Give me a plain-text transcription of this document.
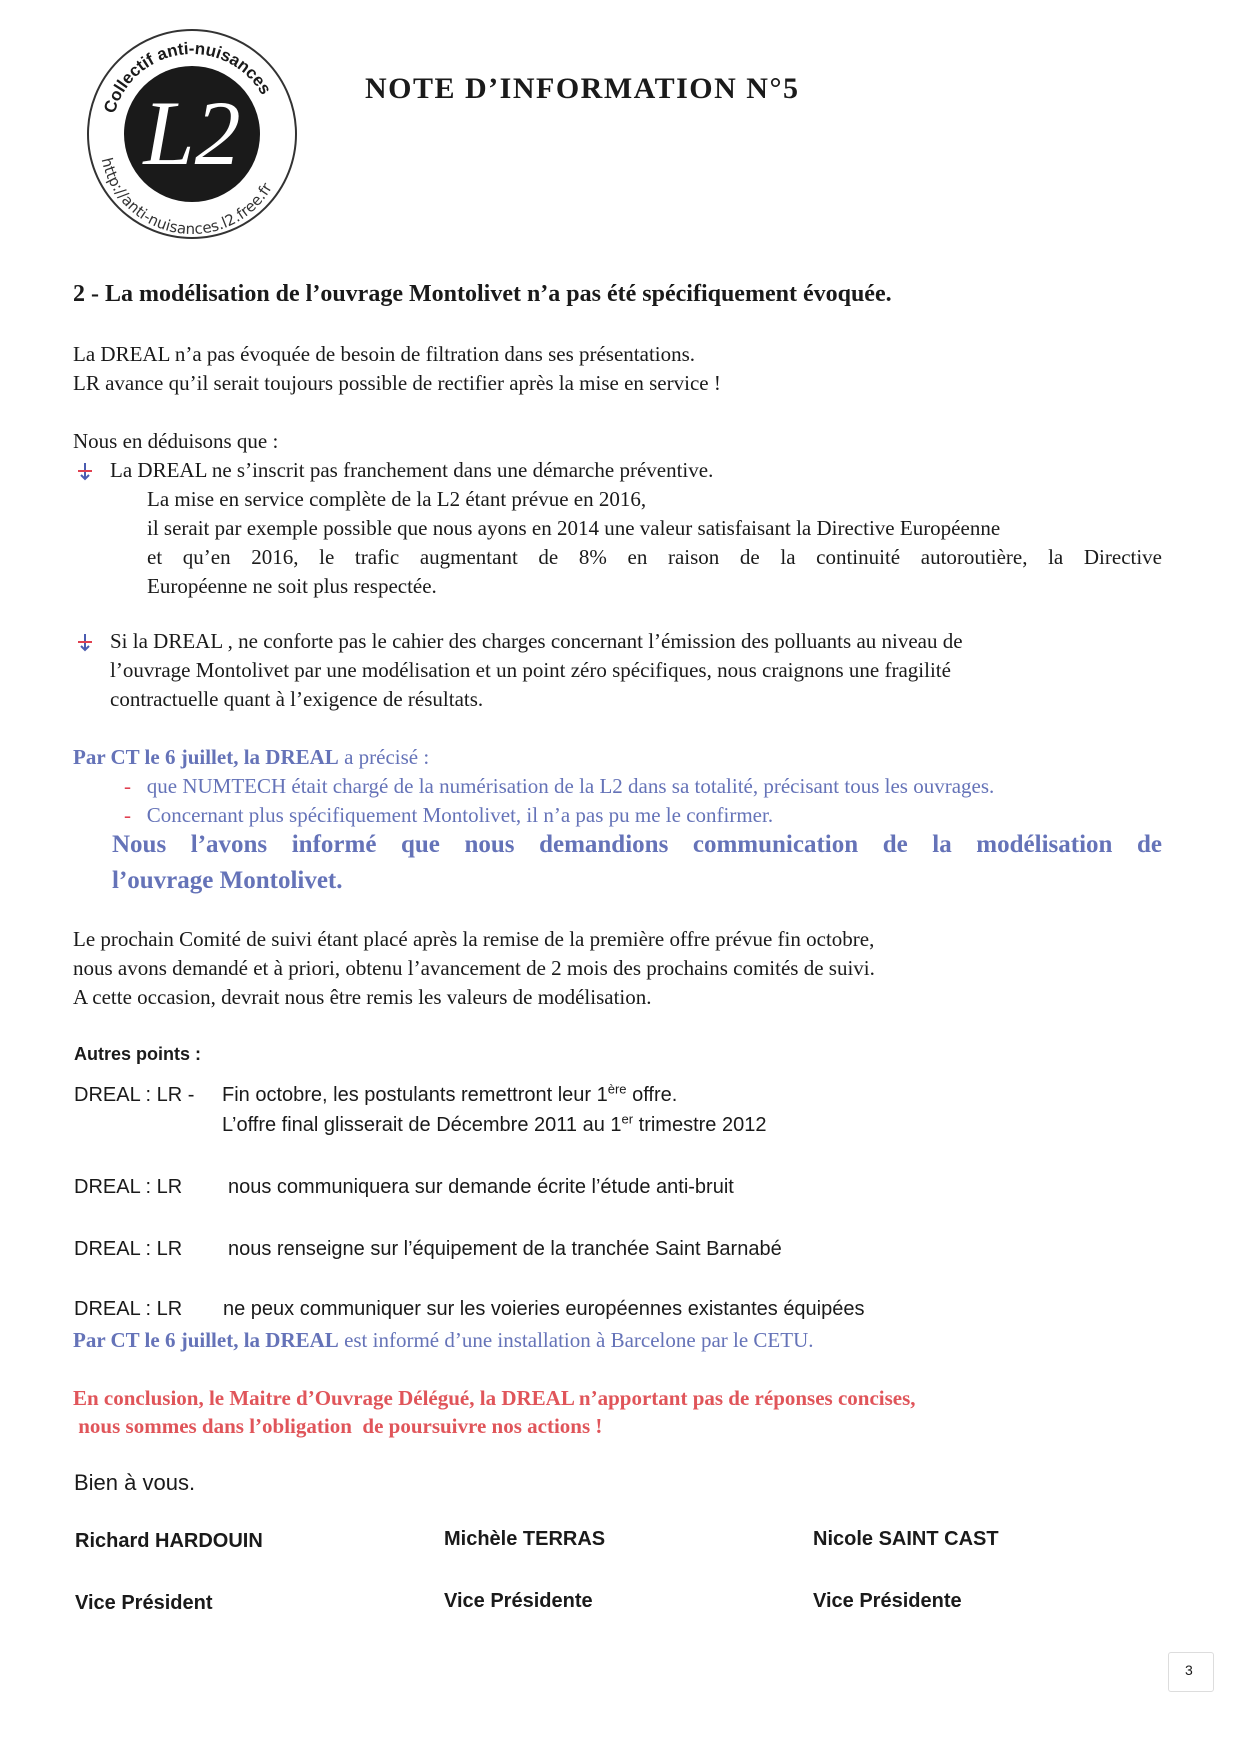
Collectif anti-nuisances
http://anti-nuisances.l2.free.fr
L2	NOTE D’INFORMATION N°5
2 - La modélisation de l’ouvrage Montolivet n’a pas été spécifiquement évoquée.
La DREAL n’a pas évoquée de besoin de filtration dans ses présentations.
LR avance qu’il serait toujours possible de rectifier après la mise en service !
Nous en déduisons que :
La DREAL ne s’inscrit pas franchement dans une démarche préventive.
La mise en service complète de la L2 étant prévue en 2016,
il serait par exemple possible que nous ayons en 2014 une valeur satisfaisant la Directive Européenne
et qu’en 2016, le trafic augmentant de 8% en raison de la continuité autoroutière, la Directive
Européenne ne soit plus respectée.
Si la DREAL , ne conforte pas le cahier des charges concernant l’émission des polluants au niveau de
l’ouvrage Montolivet par une modélisation et un point zéro spécifiques, nous craignons une fragilité
contractuelle quant à l’exigence de résultats.
Par CT le 6 juillet, la DREAL a précisé :
- que NUMTECH était chargé de la numérisation de la L2 dans sa totalité, précisant tous les ouvrages.
- Concernant plus spécifiquement Montolivet, il n’a pas pu me le confirmer.
Nous l’avons informé que nous demandions communication de la modélisation de
l’ouvrage Montolivet.
Le prochain Comité de suivi étant placé après la remise de la première offre prévue fin octobre,
nous avons demandé et à priori, obtenu l’avancement de 2 mois des prochains comités de suivi.
A cette occasion, devrait nous être remis les valeurs de modélisation.
Autres points :
DREAL : LR - Fin octobre, les postulants remettront leur 1ère offre.
L’offre final glisserait de Décembre 2011 au 1er trimestre 2012
DREAL : LR nous communiquera sur demande écrite l’étude anti-bruit
DREAL : LR nous renseigne sur l’équipement de la tranchée Saint Barnabé
DREAL : LR ne peux communiquer sur les voieries européennes existantes équipées
Par CT le 6 juillet, la DREAL est informé d’une installation à Barcelone par le CETU.
En conclusion, le Maitre d’Ouvrage Délégué, la DREAL n’apportant pas de réponses concises,
nous sommes dans l’obligation  de poursuivre nos actions !
Bien à vous.
Richard HARDOUIN	Michèle TERRAS	Nicole SAINT CAST
Vice Président	Vice Présidente	Vice Présidente
3
